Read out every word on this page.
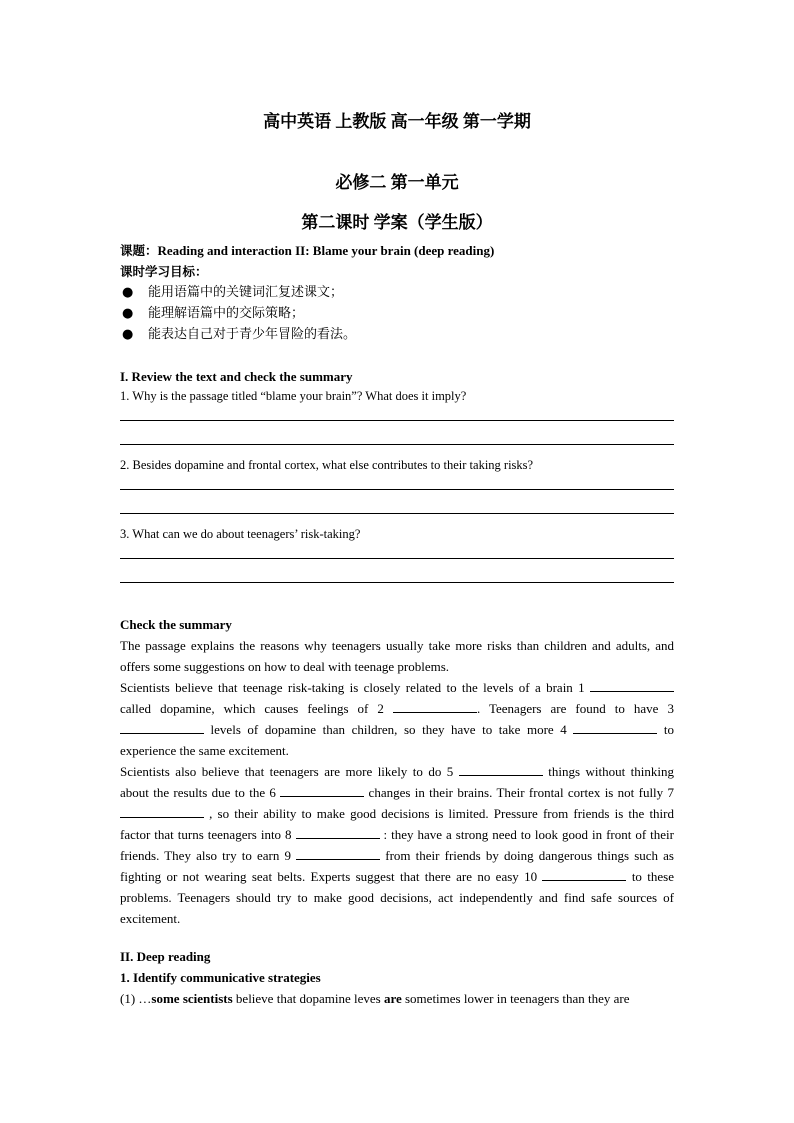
高中英语 上教版 高一年级 第一学期
必修二 第一单元
第二课时 学案（学生版）
课题：Reading and interaction II: Blame your brain (deep reading)
课时学习目标：
● 能用语篇中的关键词汇复述课文；
● 能理解语篇中的交际策略；
● 能表达自己对于青少年冒险的看法。
I. Review the text and check the summary
1. Why is the passage titled “blame your brain”? What does it imply?
2. Besides dopamine and frontal cortex, what else contributes to their taking risks?
3. What can we do about teenagers’ risk-taking?

Check the summary

The passage explains the reasons why teenagers usually take more risks than children and adults, and offers some suggestions on how to deal with teenage problems.

Scientists believe that teenage risk-taking is closely related to the levels of a brain 1  called dopamine, which causes feelings of 2	. Teenagers are found to have 3  levels of dopamine than children, so they have to take more 4	to experience the same excitement.

Scientists also believe that teenagers are more likely to do 5	things without thinking about the results due to the 6	changes in their brains. Their frontal cortex is not fully 7  , so their ability to make good decisions is limited. Pressure from friends is the third factor that turns teenagers into 8	: they have a strong need to look good in front of their friends. They also try to earn 9	from their friends by doing dangerous things such as fighting or not wearing seat belts. Experts suggest that there are no easy 10	to these problems. Teenagers should try to make good decisions, act independently and find safe sources of excitement.

II. Deep reading
1. Identify communicative strategies
(1) …some scientists believe that dopamine leves are sometimes lower in teenagers than they are
